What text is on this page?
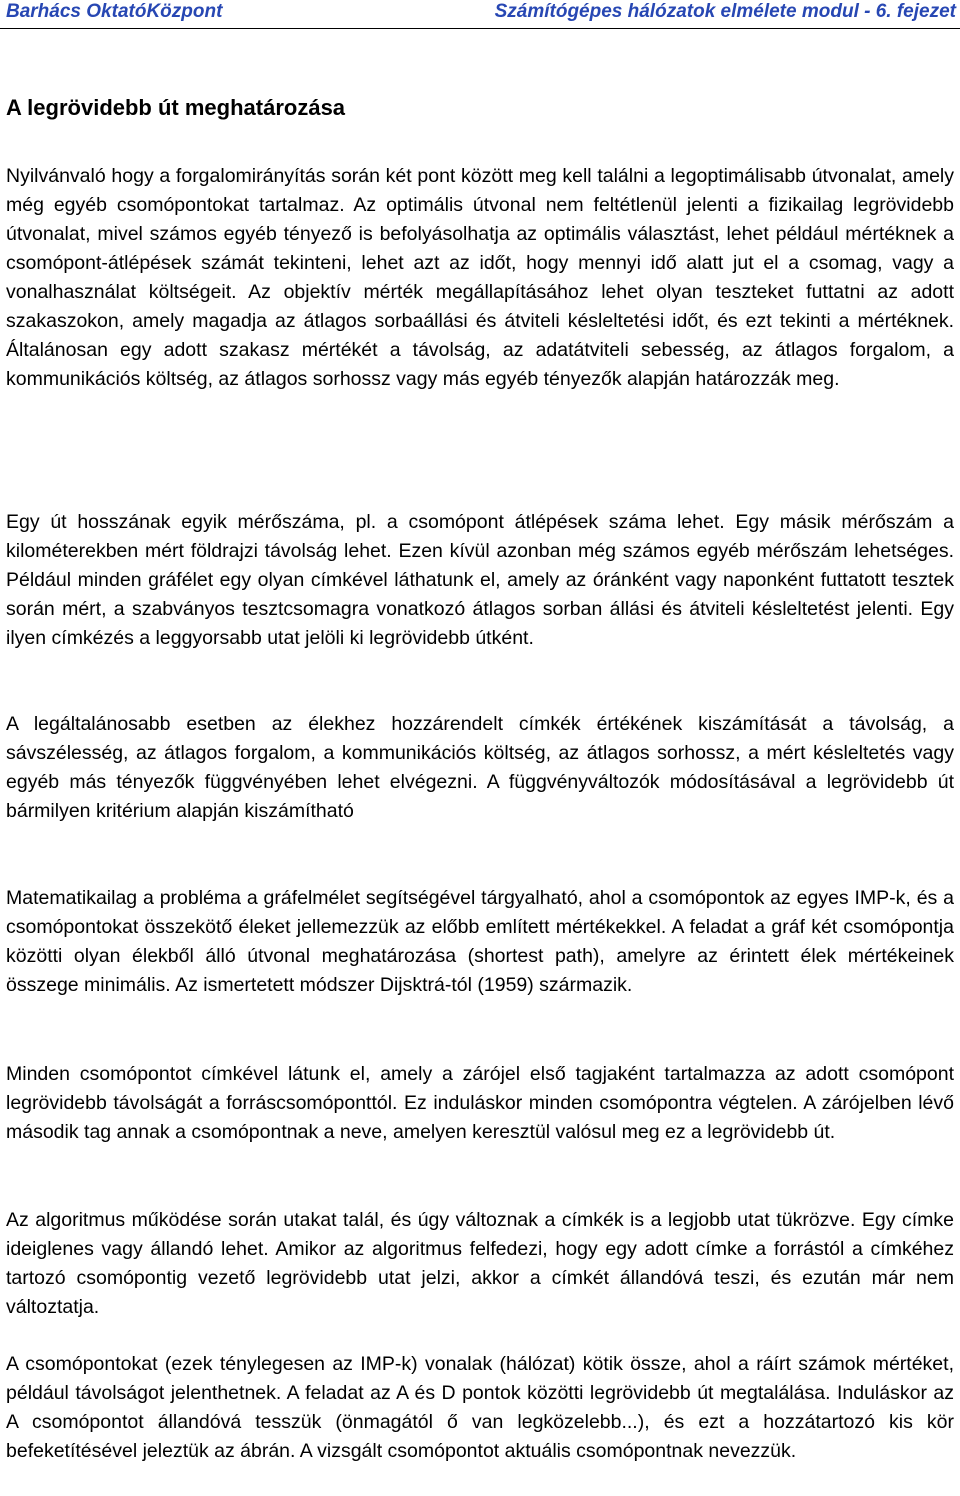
Barhács OktatóKözpont	Számítógépes hálózatok elmélete modul - 6. fejezet
A legrövidebb út meghatározása

Nyilvánvaló hogy a forgalomirányítás során két pont között meg kell találni a legoptimálisabb útvonalat, amely még egyéb csomópontokat tartalmaz. Az optimális útvonal nem feltétlenül jelenti a fizikailag legrövidebb útvonalat, mivel számos egyéb tényező is befolyásolhatja az optimális választást, lehet például mértéknek a csomópont-átlépések számát tekinteni, lehet azt az időt, hogy mennyi idő alatt jut el a csomag, vagy a vonalhasználat költségeit. Az objektív mérték megállapításához lehet olyan teszteket futtatni az adott szakaszokon, amely magadja az átlagos sorbaállási és átviteli késleltetési időt, és ezt tekinti a mértéknek. Általánosan egy adott szakasz mértékét a távolság, az adatátviteli sebesség, az átlagos forgalom, a kommunikációs költség, az átlagos sorhossz vagy más egyéb tényezők alapján határozzák meg.

Egy út hosszának egyik mérőszáma, pl. a csomópont átlépések száma lehet. Egy másik mérőszám a kilométerekben mért földrajzi távolság lehet. Ezen kívül azonban még számos egyéb mérőszám lehetséges. Például minden gráfélet egy olyan címkével láthatunk el, amely az óránként vagy naponként futtatott tesztek során mért, a szabványos tesztcsomagra vonatkozó átlagos sorban állási és átviteli késleltetést jelenti. Egy ilyen címkézés a leggyorsabb utat jelöli ki legrövidebb útként.

A legáltalánosabb esetben az élekhez hozzárendelt címkék értékének kiszámítását a távolság, a sávszélesség, az átlagos forgalom, a kommunikációs költség, az átlagos sorhossz, a mért késleltetés vagy egyéb más tényezők függvényében lehet elvégezni. A függvényváltozók módosításával a legrövidebb út bármilyen kritérium alapján kiszámítható

Matematikailag a probléma a gráfelmélet segítségével tárgyalható, ahol a csomópontok az egyes IMP-k, és a csomópontokat összekötő éleket jellemezzük az előbb említett mértékekkel. A feladat a gráf két csomópontja közötti olyan élekből álló útvonal meghatározása (shortest path), amelyre az érintett élek mértékeinek összege minimális. Az ismertetett módszer Dijsktrá-tól (1959) származik.

Minden csomópontot címkével látunk el, amely a zárójel első tagjaként tartalmazza az adott csomópont legrövidebb távolságát a forráscsomóponttól. Ez induláskor minden csomópontra végtelen. A zárójelben lévő második tag annak a csomópontnak a neve, amelyen keresztül valósul meg ez a legrövidebb út.

Az algoritmus működése során utakat talál, és úgy változnak a címkék is a legjobb utat tükrözve. Egy címke ideiglenes vagy állandó lehet. Amikor az algoritmus felfedezi, hogy egy adott címke a forrástól a címkéhez tartozó csomópontig vezető legrövidebb utat jelzi, akkor a címkét állandóvá teszi, és ezután már nem változtatja.

A csomópontokat (ezek ténylegesen az IMP-k) vonalak (hálózat) kötik össze, ahol a ráírt számok mértéket, például távolságot jelenthetnek. A feladat az A és D pontok közötti legrövidebb út megtalálása. Induláskor az A csomópontot állandóvá tesszük (önmagától ő van legközelebb...), és ezt a hozzátartozó kis kör befeketítésével jeleztük az ábrán. A vizsgált csomópontot aktuális csomópontnak nevezzük.
